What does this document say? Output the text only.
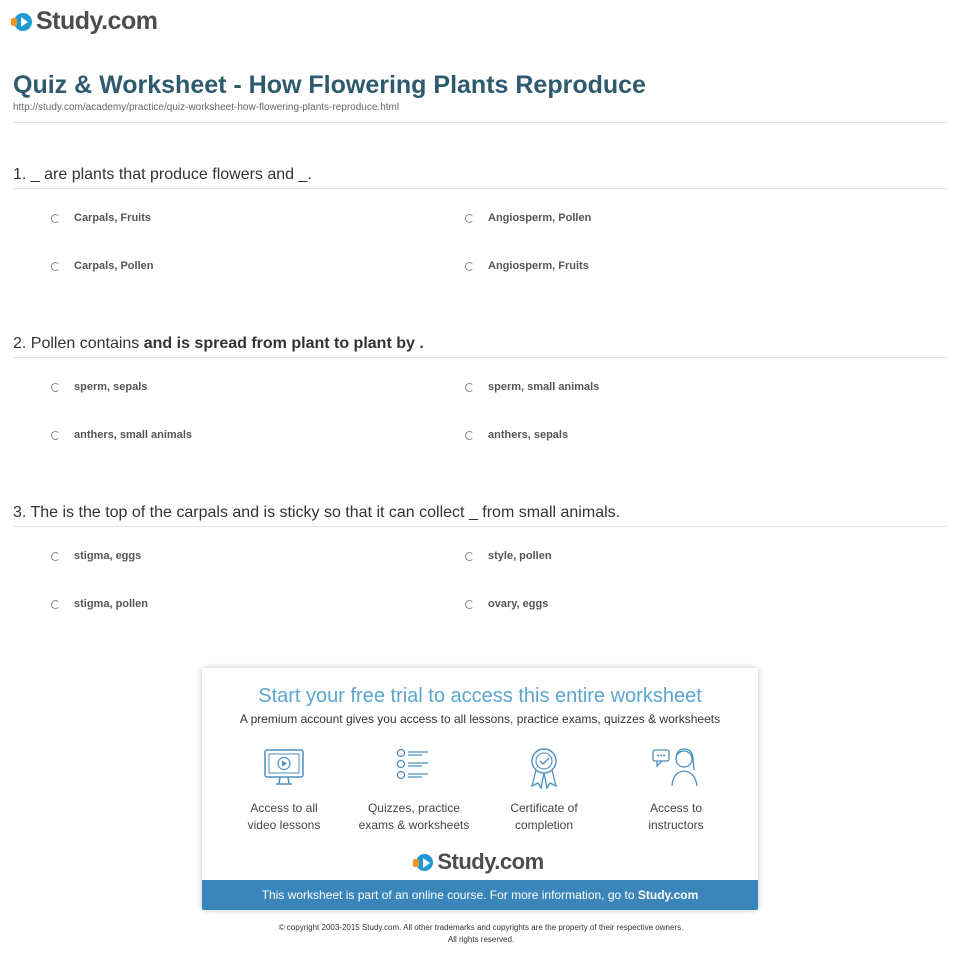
Study.com
Quiz & Worksheet - How Flowering Plants Reproduce
http://study.com/academy/practice/quiz-worksheet-how-flowering-plants-reproduce.html
1. _ are plants that produce flowers and _.
Carpals, Fruits	Angiosperm, Pollen
Carpals, Pollen	Angiosperm, Fruits
2. Pollen contains and is spread from plant to plant by .
sperm, sepals	sperm, small animals
anthers, small animals	anthers, sepals
3. The is the top of the carpals and is sticky so that it can collect _ from small animals.
stigma, eggs	style, pollen
stigma, pollen	ovary, eggs
Start your free trial to access this entire worksheet
A premium account gives you access to all lessons, practice exams, quizzes & worksheets
Access to all
video lessons
Quizzes, practice
exams & worksheets
Certificate of
completion
Access to
instructors
Study.com
This worksheet is part of an online course. For more information, go to Study.com
© copyright 2003-2015 Study.com. All other trademarks and copyrights are the property of their respective owners.
All rights reserved.
